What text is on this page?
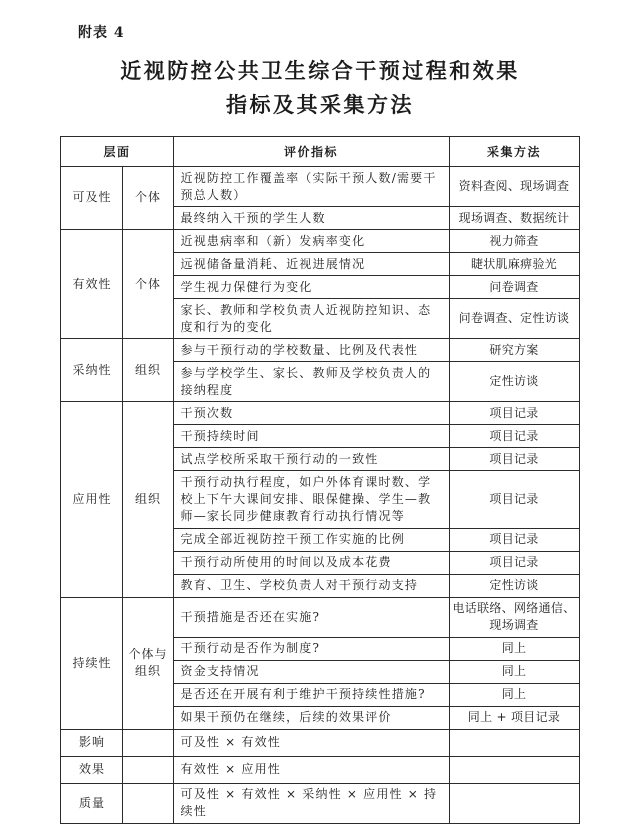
附表 4
近视防控公共卫生综合干预过程和效果
指标及其采集方法
层面		评价指标	采集方法
可及性	个体	近视防控工作覆盖率（实际干预人数/需要干预总人数）	资料查阅、现场调查
		最终纳入干预的学生人数	现场调查、数据统计
有效性	个体	近视患病率和（新）发病率变化	视力筛查
		远视储备量消耗、近视进展情况	睫状肌麻痹验光
		学生视力保健行为变化	问卷调查
		家长、教师和学校负责人近视防控知识、态度和行为的变化	问卷调查、定性访谈
采纳性	组织	参与干预行动的学校数量、比例及代表性	研究方案
		参与学校学生、家长、教师及学校负责人的接纳程度	定性访谈
应用性	组织	干预次数	项目记录
		干预持续时间	项目记录
		试点学校所采取干预行动的一致性	项目记录
		干预行动执行程度，如户外体育课时数、学校上下午大课间安排、眼保健操、学生—教师—家长同步健康教育行动执行情况等	项目记录
		完成全部近视防控干预工作实施的比例	项目记录
		干预行动所使用的时间以及成本花费	项目记录
		教育、卫生、学校负责人对干预行动支持	定性访谈
持续性	个体与组织	干预措施是否还在实施?	电话联络、网络通信、现场调查
		干预行动是否作为制度?	同上
		资金支持情况	同上
		是否还在开展有利于维护干预持续性措施?	同上
		如果干预仍在继续，后续的效果评价	同上 + 项目记录
影响		可及性 × 有效性	
效果		有效性 × 应用性	
质量		可及性 × 有效性 × 采纳性 × 应用性 × 持续性	
